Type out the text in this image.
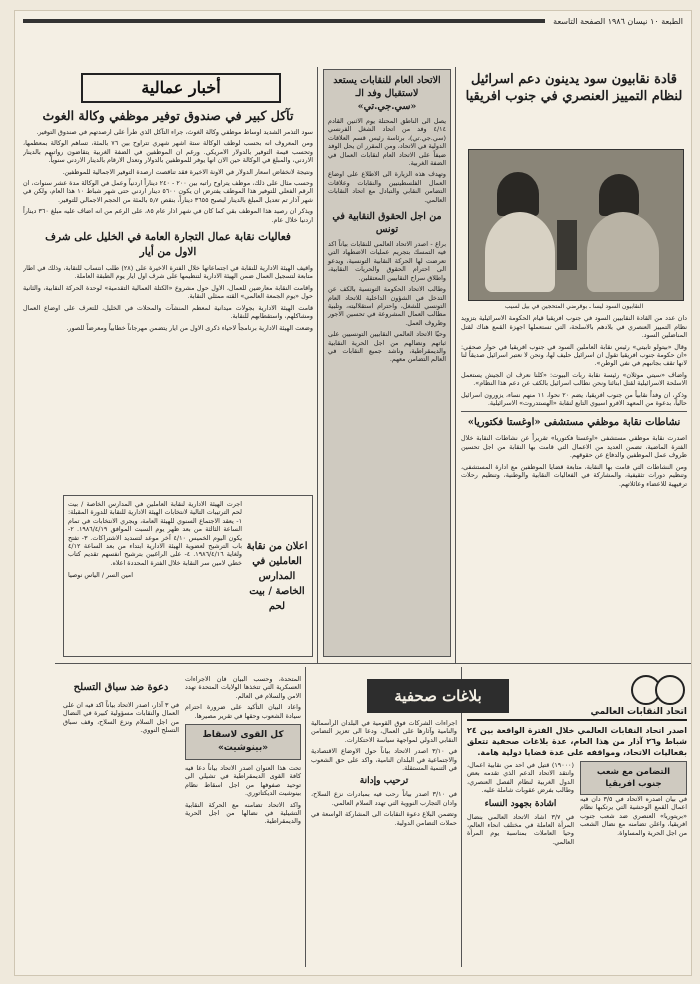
الطبعة ١٠ نيسان ١٩٨٦ الصفحة التاسعة
قادة نقابيون سود يدينون دعم اسرائيل لنظام التمييز العنصري في جنوب افريقيا

النقابيون السود ليسا ـ بوقرضي المتحجين في بيل لسيب

دان عدد من القادة النقابيين السود في جنوب افريقيا قيام الحكومة الاسرائيلية بتزويد نظام التمييز العنصري في بلادهم بالاسلحة، التي تستعملها اجهزة القمع هناك لقتل المناضلين السود.

وقال «بيتولو تابيتي» رئيس نقابة العاملين السود في جنوب افريقيا في حوار صحفي: «ان حكومة جنوب افريقيا تقول ان اسرائيل حليف لها، ونحن لا نعتبر اسرائيل صديقاً لنا لانها تقف بجانبهم في نفي الوطن».

واضاف «سيتي موثلان» رئيسة نقابة ربات البيوت: «كلنا نعرف ان الجيش يستعمل الاسلحة الاسرائيلية لقتل ابنائنا ونحن نطالب اسرائيل بالكف عن دعم هذا النظام».

وذكر، ان وفداً نقابياً من جنوب افريقيا، يضم ٢٠ نحوا، ١١ منهم نساء، يزورون اسرائيل حالياً، بدعوة من المعهد الافرو اسيوي التابع لنقابة «الهستدروت» الاسرائيلية.

نشاطات نقابة موظفي مستشفى «اوغستا فكتوريا»

اصدرت نقابة موظفي مستشفى «اوغستا فكتوريا» تقريراً عن نشاطات النقابة خلال الفترة الماضية، تضمن العديد من الاعمال التي قامت بها النقابة من اجل تحسين ظروف عمل الموظفين والدفاع عن حقوقهم.

ومن النشاطات التي قامت بها النقابة، متابعة قضايا الموظفين مع ادارة المستشفى، وتنظيم دورات تثقيفية، والمشاركة في الفعاليات النقابية والوطنية، وتنظيم رحلات ترفيهية للاعضاء وعائلاتهم.

الاتحاد العام للنقابات يستعد لاستقبال وفد الـ «سي.جي.تي»

يصل الى الناطق المحتلة يوم الاثنين القادم ٤/١٤ وفد من اتحاد الشغل الفرنسي (سي.جي.تي)، برئاسة رئيس قسم العلاقات الدولية في الاتحاد، ومن المقرر ان يحل الوفد ضيفاً على الاتحاد العام لنقابات العمال في الضفة الغربية.

وتهدف هذه الزيارة الى الاطلاع على اوضاع العمال الفلسطينيين والنقابات وعلاقات التضامن النقابي والتبادل مع اتحاد النقابات العالمي.

من اجل الحقوق النقابية في تونس

براغ - اصدر الاتحاد العالمي للنقابات بياناً اكد فيه التمسك بتجريم عمليات الاضطهاد التي تعرضت لها الحركة النقابية التونسية، ويدعو الى احترام الحقوق والحريات النقابية، واطلاق سراح النقابيين المعتقلين.

وطالب الاتحاد الحكومة التونسية بالكف عن التدخل في الشؤون الداخلية للاتحاد العام التونسي للشغل، واحترام استقلاليته، وتلبية مطالب العمال المشروعة في تحسين الاجور وظروف العمل.

وحيّا الاتحاد العالمي النقابيين التونسيين على ثباتهم ونضالهم من اجل الحرية النقابية والديمقراطية، وناشد جميع النقابات في العالم التضامن معهم.

أخبار عمالية
تآكل كبير في صندوق توفير موظفي وكالة الغوث

سود التذمر الشديد اوساط موظفي وكالة الغوث، جراء التآكل الذي طرأ على ارصدتهم في صندوق التوفير.

ومن المعروف انه بحسب لوظف الوكالة ستة اشهر شهري تتراوح بين ٧٦ بالمئة، تساهم الوكالة بمعظمها، وتحسب قيمة التوفير بالدولار الامريكي. ورغم ان الموظفين في الضفة الغربية يتقاضون رواتبهم بالدينار الاردني، والمبلغ في الوكالة حين الان انها يوفر للموظفين بالدولار وتعدل الارقام بالدينار الاردني سنوياً.

ونتيجة لانخفاض اسعار الدولار في الاونة الاخيرة فقد تناقصت ارصدة التوفير الاجمالية للموظفين.

وحسب مثال على ذلك، موظف يتراوح راتبه بين ٢٠٠ - ٢٤٠ ديناراً اردنياً وعمل في الوكالة مدة عشر سنوات، ان الرقم الفعلي للتوفير هذا الموظف يفترض ان يكون ٥٦٠٠ دينار اردني حتى شهر شباط ١٠ هذا العام، ولكن في شهر آذار تم تعديل المبلغ بالدينار ليصبح ٣٦٥٥ ديناراً، بنقص ٥٫٧ بالمئة من الحجم الاجمالي للتوفير.

ويذكر ان رصيد هذا الموظف بقي كما كان في شهر اذار عام ٨٥، على الرغم من انه اضاف عليه مبلغ ٣٦٠ ديناراً اردنيا خلال عام.

فعاليات نقابة عمال التجارة العامة في الخليل على شرف الاول من أيار

واقيف الهيئة الادارية للنقابة في اجتماعاتها خلال الفترة الاخيرة على (٢٨) طلب انتساب للنقابة، وذلك في اطار متابعة لتسجيل العمال ضمن الهيئة الادارية لتنظيمها على شرف اول ايار يوم الطبقة العاملة.

واقامت النقابة معارضين للعمال، الاول حول مشروع «الكتلة العمالية التقدمية» لوحدة الحركة النقابية، والثانية حول «يوم الجمعة العالمي» القته ممثلي النقابة.

قامت الهيئة الادارية بجولات ميدانية لمعظم المنشآت والمحلات في الخليل، للتعرف على اوضاع العمال ومشاكلهم، واستقطابهم للنقابة.

وضعت الهيئة الادارية برنامجاً لاحياء ذكرى الاول من ايار يتضمن مهرجاناً خطابياً ومعرضاً للصور.

اعلان من نقابة العاملين في المدارس الخاصة / بيت لحم

اجرت الهيئة الادارية لنقابة العاملين في المدارس الخاصة / بيت لحم الترتيبات التالية لانتخابات الهيئة الادارية للنقابة للدورة المقبلة: ١- يعقد الاجتماع السنوي للهيئة العامة، ويجري الانتخابات في تمام الساعة الثالثة من بعد ظهر يوم السبت الموافق ١٩٨٦/٤/١٩. ٢- يكون اليوم الخميس ٤/١٠ آخر موعد لتسديد الاشتراكات. ٣- تفتح باب الترشيح لعضوية الهيئة الادارية ابتداء من بعد الساعة ٤/١٢ ولغاية ١٩٨٦/٤/١٦. ٤- على الراغبين بترشيح انفسهم تقديم كتاب خطي لامين سر النقابة خلال الفترة المحددة اعلاه.

امين السر / الياس نوصيا

اتحاد النقابات العالمي

اصدر اتحاد النقابات العالمي خلال الفترة الواقعة بين ٢٤ شباط و٢٦ آذار من هذا العام، عدة بلاغات صحفية تتعلق بفعاليات الاتحاد، ومواقفه على عدة قضايا دولية هامة.

التضامن مع شعب جنوب افريقيا

في بيان اصدره الاتحاد في ٣/٥ دان فيه اعمال القمع الوحشية التي يرتكبها نظام «بريتوريا» العنصري ضد شعب جنوب افريقيا، واعلن تضامنه مع نضال الشعب من اجل الحرية والمساواة.

(١٩٠٠٠) قتيل في احد من نقابية اعمال، وانتقد الاتحاد الدعم الذي تقدمه بعض الدول الغربية لنظام الفصل العنصري، وطالب بفرض عقوبات شاملة عليه.

اشادة بجهود النساء

في ٣/٧ اشاد الاتحاد العالمي بنضال المرأة العاملة في مختلف انحاء العالم، وحيا العاملات بمناسبة يوم المرأة العالمي.

بلاغات صحفية

اجراءات الشركات فوق القومية في البلدان الرأسمالية والنامية وآثارها على العمال، ودعا الى تعزيز التضامن النقابي الدولي لمواجهة سياسة الاحتكارات.

في ٣/١٠ اصدر الاتحاد بياناً حول الاوضاع الاقتصادية والاجتماعية في البلدان النامية، واكد على حق الشعوب في التنمية المستقلة.

ترحيب وإدانة

في ٣/١٠ اصدر بياناً رحب فيه بمبادرات نزع السلاح، وادان التجارب النووية التي تهدد السلام العالمي.

وتضمن البلاغ دعوة النقابات الى المشاركة الواسعة في حملات التضامن الدولية.

المتحدة، وحسب البيان فان الاجراءات العسكرية التي تتخذها الولايات المتحدة تهدد الامن والسلام في العالم.

واعاد البيان التأكيد على ضرورة احترام سيادة الشعوب وحقها في تقرير مصيرها.

كل القوى لاسقاط «بينوشيت»

تحت هذا العنوان اصدر الاتحاد بياناً دعا فيه كافة القوى الديمقراطية في تشيلي الى توحيد صفوفها من اجل اسقاط نظام بينوشيت الديكتاتوري.

واكد الاتحاد تضامنه مع الحركة النقابية التشيلية في نضالها من اجل الحرية والديمقراطية.

دعوة ضد سباق التسلح

في ٣ آذار، اصدر الاتحاد بياناً اكد فيه ان على العمال والنقابات مسؤولية كبيرة في النضال من اجل السلام ونزع السلاح، وقف سباق التسلح النووي.
